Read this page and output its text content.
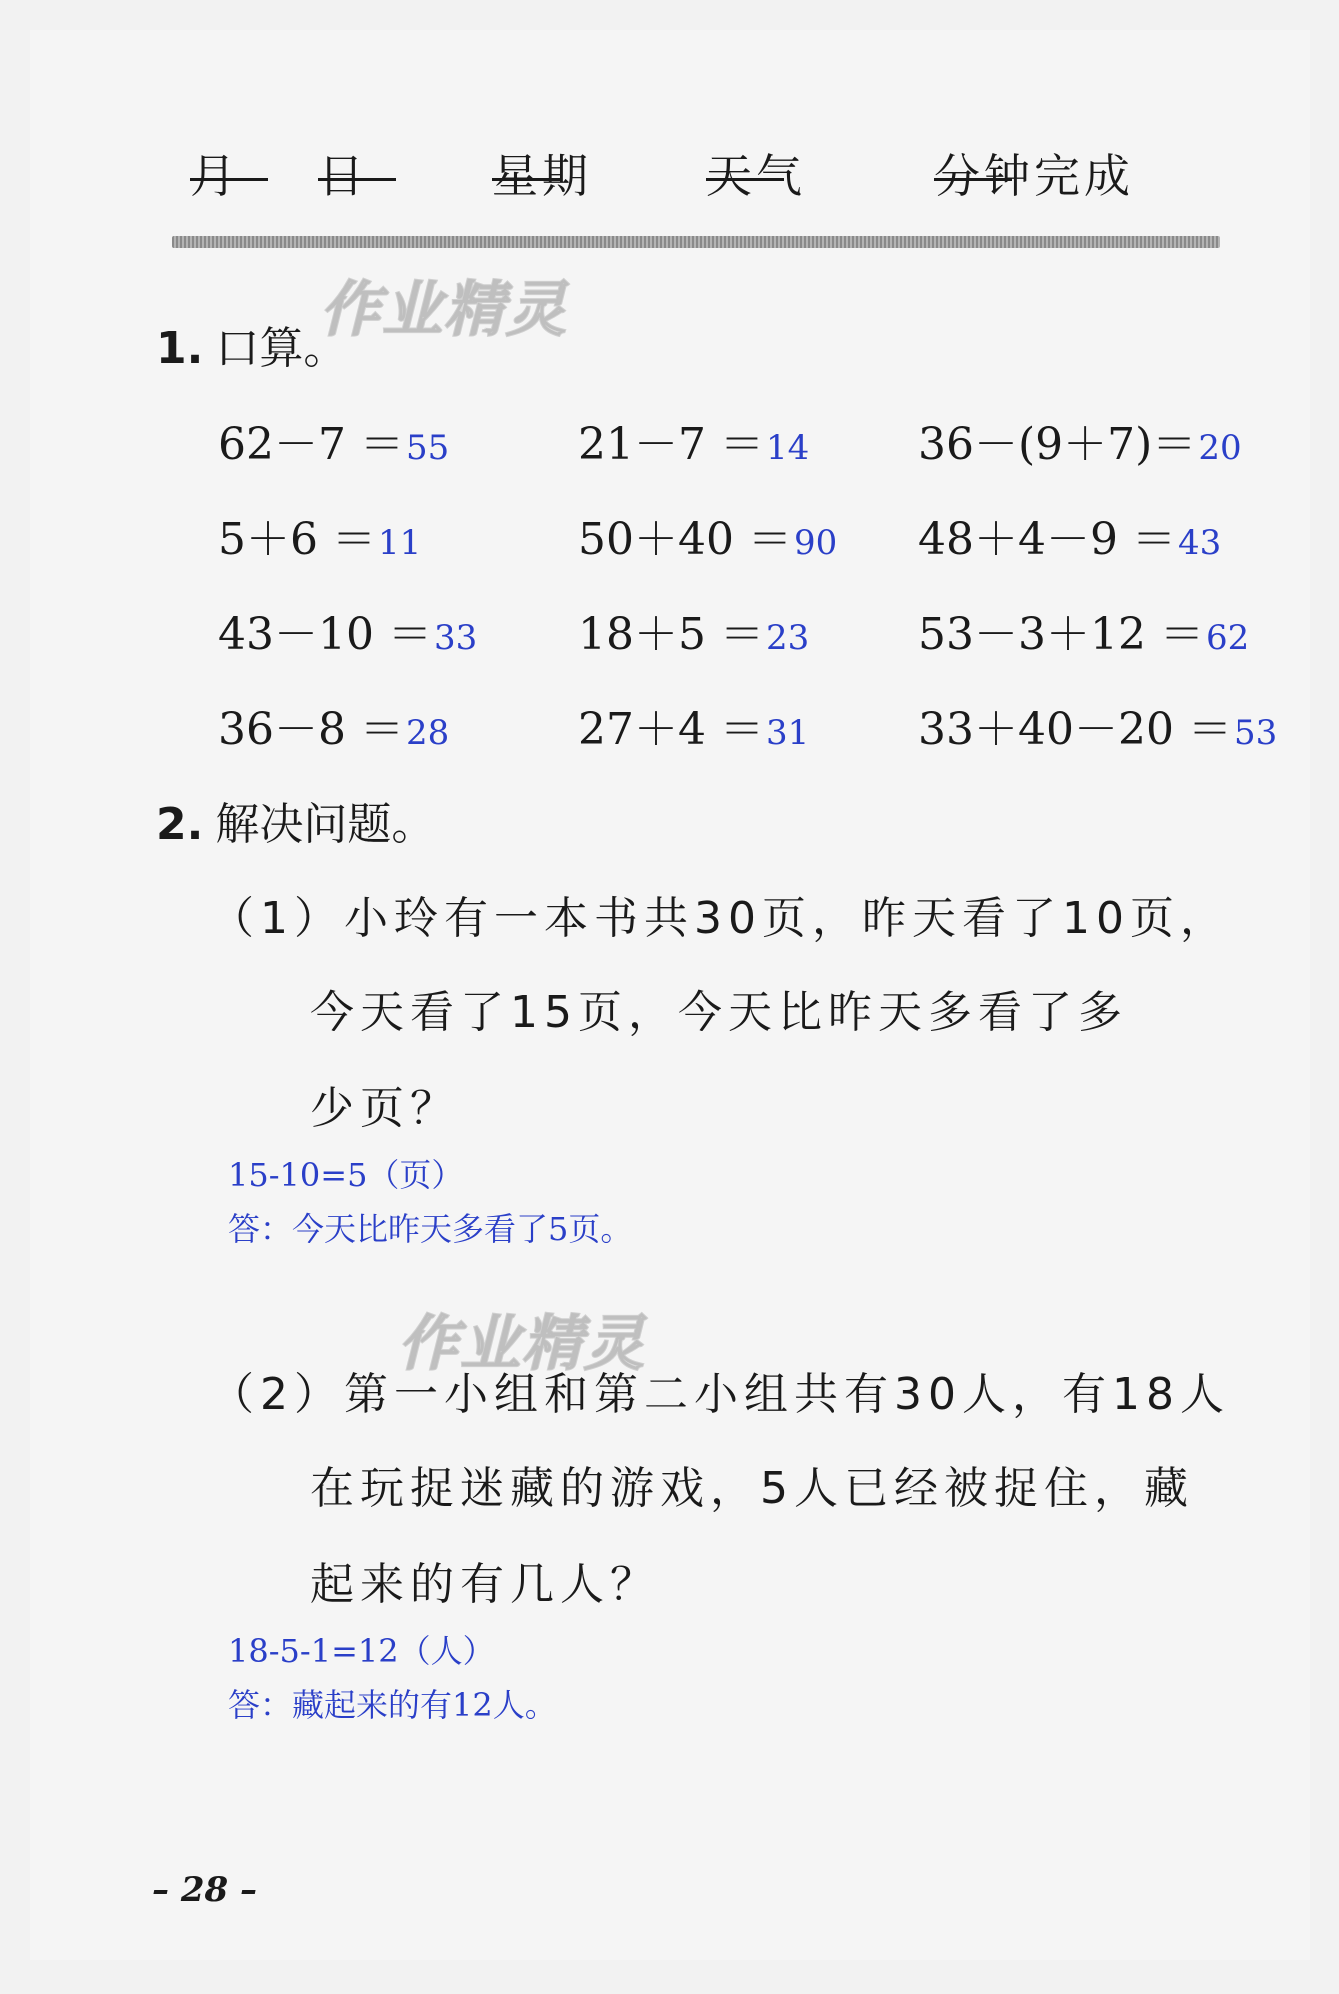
月 日	星期 天气	分钟完成
作业精灵
作业精灵
1. 口算。
62－7 ＝55	21－7 ＝14 36－(9＋7)＝20
5＋6 ＝11	50＋40 ＝90 48＋4－9 ＝43
43－10 ＝33 18＋5 ＝23 53－3＋12 ＝62
36－8 ＝28	27＋4 ＝31 33＋40－20 ＝53
2. 解决问题。
（1）小玲有一本书共30页，昨天看了10页，
今天看了15页，今天比昨天多看了多
少页？
15-10=5（页）
答：今天比昨天多看了5页。
（2）第一小组和第二小组共有30人，有18人
在玩捉迷藏的游戏，5人已经被捉住，藏
起来的有几人？
18-5-1=12（人）
答：藏起来的有12人。
– 28 –
